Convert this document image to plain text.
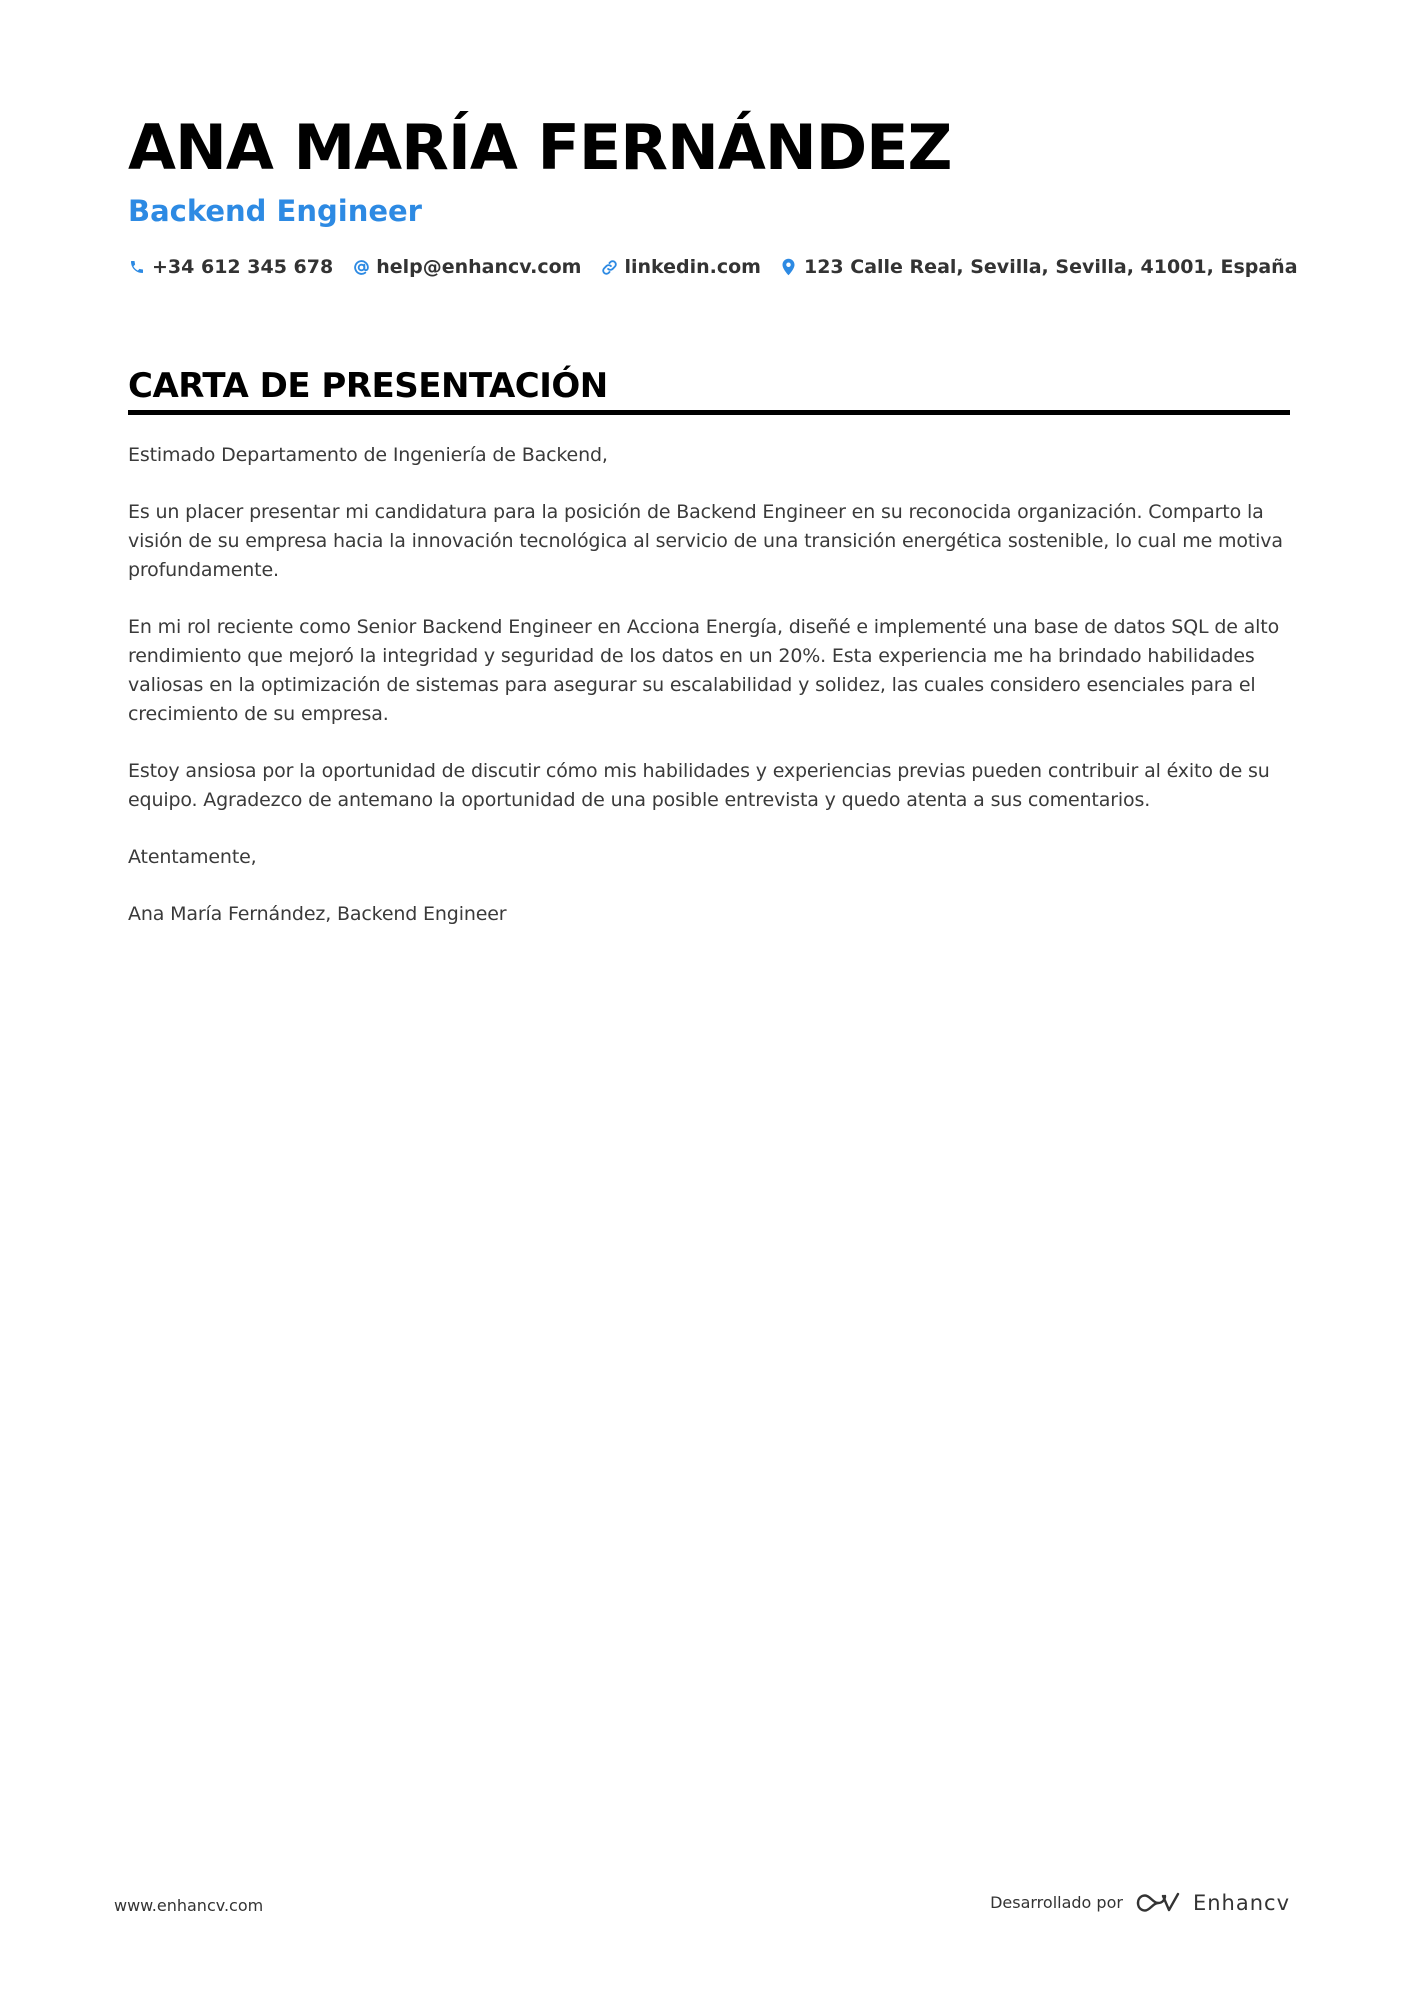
ANA MARÍA FERNÁNDEZ
Backend Engineer
+34 612 345 678 help@enhancv.com linkedin.com 123 Calle Real, Sevilla, Sevilla, 41001, España
CARTA DE PRESENTACIÓN

Estimado Departamento de Ingeniería de Backend,

Es un placer presentar mi candidatura para la posición de Backend Engineer en su reconocida organización. Comparto la visión de su empresa hacia la innovación tecnológica al servicio de una transición energética sostenible, lo cual me motiva profundamente.

En mi rol reciente como Senior Backend Engineer en Acciona Energía, diseñé e implementé una base de datos SQL de alto rendimiento que mejoró la integridad y seguridad de los datos en un 20%. Esta experiencia me ha brindado habilidades valiosas en la optimización de sistemas para asegurar su escalabilidad y solidez, las cuales considero esenciales para el crecimiento de su empresa.

Estoy ansiosa por la oportunidad de discutir cómo mis habilidades y experiencias previas pueden contribuir al éxito de su equipo. Agradezco de antemano la oportunidad de una posible entrevista y quedo atenta a sus comentarios.

Atentamente,

Ana María Fernández, Backend Engineer

www.enhancv.com	Desarrollado por	Enhancv
